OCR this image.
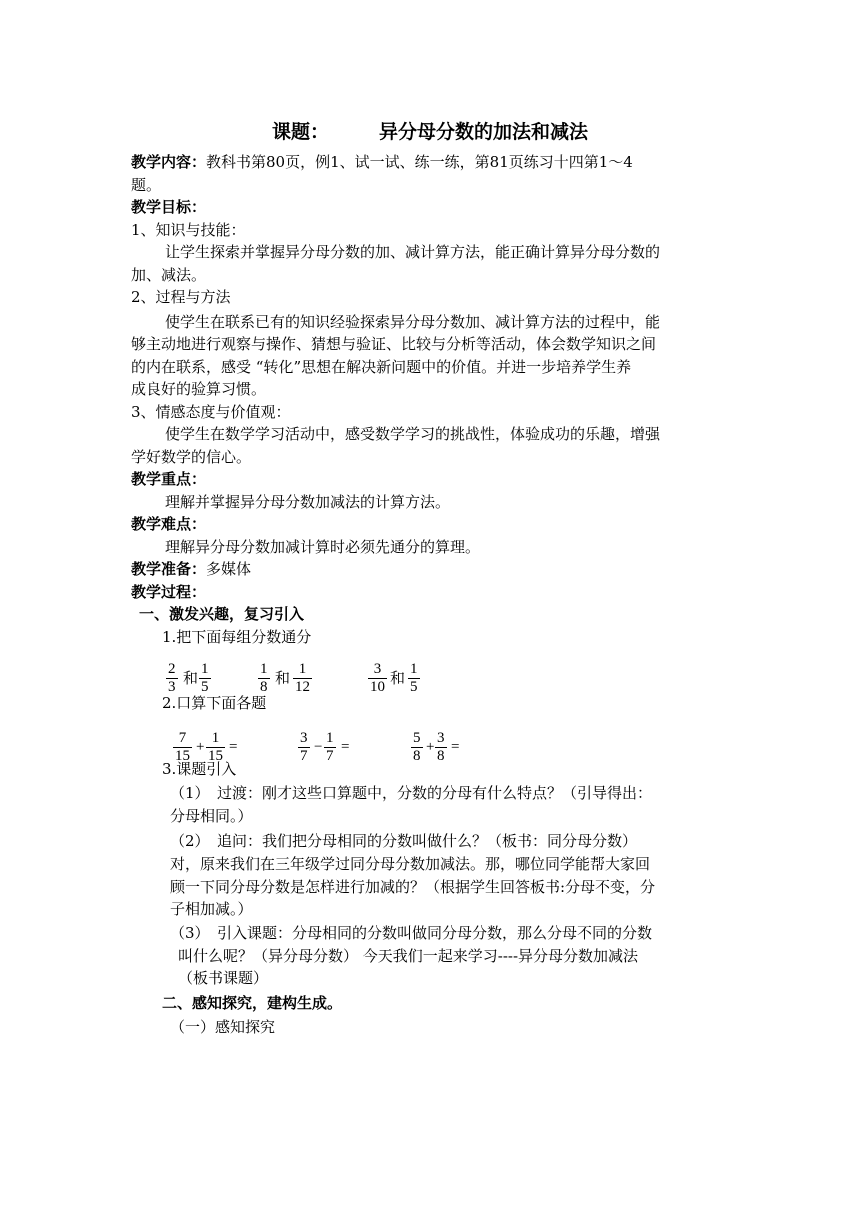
课题：	异分母分数的加法和减法
教学内容：教科书第80页，例1、试一试、练一练，第81页练习十四第1～4
题。
教学目标：
1、知识与技能：
让学生探索并掌握异分母分数的加、减计算方法，能正确计算异分母分数的
加、减法。
2、过程与方法
使学生在联系已有的知识经验探索异分母分数加、减计算方法的过程中，能
够主动地进行观察与操作、猜想与验证、比较与分析等活动，体会数学知识之间
的内在联系，感受 “转化”思想在解决新问题中的价值。并进一步培养学生养
成良好的验算习惯。
3、情感态度与价值观：
使学生在数学学习活动中，感受数学学习的挑战性，体验成功的乐趣，增强
学好数学的信心。
教学重点：
理解并掌握异分母分数加减法的计算方法。
教学难点：
理解异分母分数加减计算时必须先通分的算理。
教学准备：多媒体
教学过程：
一、激发兴趣，复习引入
1.把下面每组分数通分
2.口算下面各题
3.课题引入
（1）　过渡：刚才这些口算题中，分数的分母有什么特点？（引导得出：
分母相同。）
（2）　追问：我们把分母相同的分数叫做什么？（板书：同分母分数）
对，原来我们在三年级学过同分母分数加减法。那，哪位同学能帮大家回
顾一下同分母分数是怎样进行加减的？（根据学生回答板书:分母不变，分
子相加减。）
（3）　引入课题：分母相同的分数叫做同分母分数，那么分母不同的分数
叫什么呢？（异分母分数） 今天我们一起来学习----异分母分数加减法
（板书课题）
二、感知探究，建构生成。
（一）感知探究
$\frac{2}{3}$ 和 $\frac{1}{5}$	$\frac{1}{8}$ 和 $\frac{1}{12}$	$\frac{3}{10}$ 和 $\frac{1}{5}$
$\frac{7}{15} + \frac{1}{15}$ =	$\frac{3}{7} - \frac{1}{7}$ =	$\frac{5}{8} + \frac{3}{8}$ =
